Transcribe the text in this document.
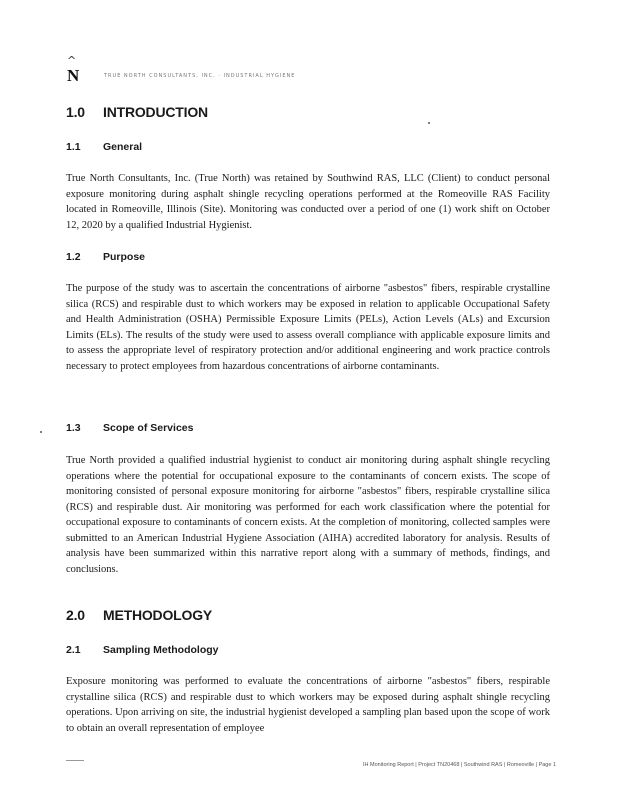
^
N	TRUE NORTH CONSULTANTS, INC. · INDUSTRIAL HYGIENE
1.0 INTRODUCTION
1.1 General

True North Consultants, Inc. (True North) was retained by Southwind RAS, LLC (Client) to conduct personal exposure monitoring during asphalt shingle recycling operations performed at the Romeoville RAS Facility located in Romeoville, Illinois (Site). Monitoring was conducted over a period of one (1) work shift on October 12, 2020 by a qualified Industrial Hygienist.

1.2 Purpose

The purpose of the study was to ascertain the concentrations of airborne "asbestos" fibers, respirable crystalline silica (RCS) and respirable dust to which workers may be exposed in relation to applicable Occupational Safety and Health Administration (OSHA) Permissible Exposure Limits (PELs), Action Levels (ALs) and Excursion Limits (ELs). The results of the study were used to assess overall compliance with applicable exposure limits and to assess the appropriate level of respiratory protection and/or additional engineering and work practice controls necessary to protect employees from hazardous concentrations of airborne contaminants.

1.3 Scope of Services

True North provided a qualified industrial hygienist to conduct air monitoring during asphalt shingle recycling operations where the potential for occupational exposure to the contaminants of concern exists. The scope of monitoring consisted of personal exposure monitoring for airborne "asbestos" fibers, respirable crystalline silica (RCS) and respirable dust. Air monitoring was performed for each work classification where the potential for occupational exposure to contaminants of concern exists. At the completion of monitoring, collected samples were submitted to an American Industrial Hygiene Association (AIHA) accredited laboratory for analysis. Results of analysis have been summarized within this narrative report along with a summary of methods, findings, and conclusions.

2.0 METHODOLOGY
2.1 Sampling Methodology

Exposure monitoring was performed to evaluate the concentrations of airborne "asbestos" fibers, respirable crystalline silica (RCS) and respirable dust to which workers may be exposed during asphalt shingle recycling operations. Upon arriving on site, the industrial hygienist developed a sampling plan based upon the scope of work to obtain an overall representation of employee

IH Monitoring Report | Project TN20468 | Southwind RAS | Romeoville | Page 1
